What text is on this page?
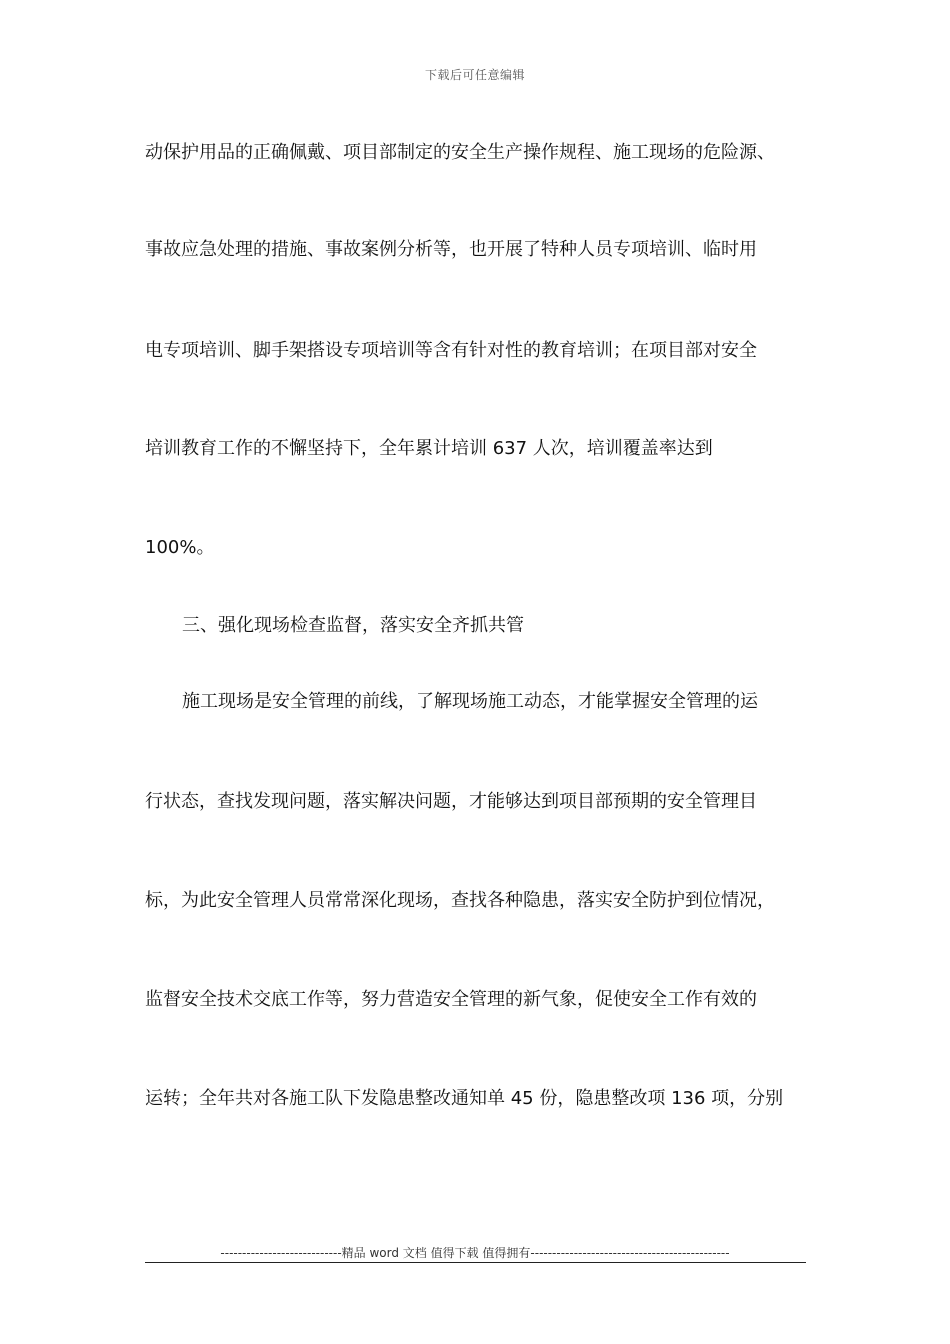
下载后可任意编辑
动保护用品的正确佩戴、项目部制定的安全生产操作规程、施工现场的危险源、
事故应急处理的措施、事故案例分析等，也开展了特种人员专项培训、临时用
电专项培训、脚手架搭设专项培训等含有针对性的教育培训；在项目部对安全
培训教育工作的不懈坚持下，全年累计培训 637 人次，培训覆盖率达到
100%。
三、强化现场检查监督，落实安全齐抓共管
施工现场是安全管理的前线，了解现场施工动态，才能掌握安全管理的运
行状态，查找发现问题，落实解决问题，才能够达到项目部预期的安全管理目
标，为此安全管理人员常常深化现场，查找各种隐患，落实安全防护到位情况，
监督安全技术交底工作等，努力营造安全管理的新气象，促使安全工作有效的
运转；全年共对各施工队下发隐患整改通知单 45 份，隐患整改项 136 项，分别
----------------------------精品 word 文档 值得下载 值得拥有----------------------------------------------
